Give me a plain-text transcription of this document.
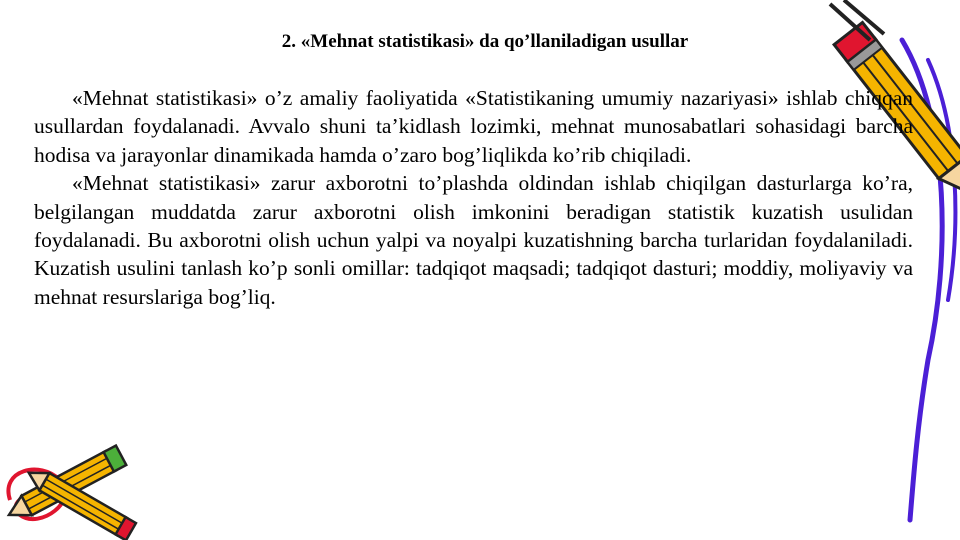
2. «Mehnat statistikasi» da qo’llaniladigan usullar

«Mehnat statistikasi» o’z amaliy faoliyatida «Statistikaning umumiy nazariyasi» ishlab chiqqan usullardan foydalanadi. Avvalo shuni ta’kidlash lozimki, mehnat munosabatlari sohasidagi barcha hodisa va jarayonlar dinamikada hamda o’zaro bog’liqlikda ko’rib chiqiladi.

«Mehnat statistikasi» zarur axborotni to’plashda oldindan ishlab chiqilgan dasturlarga ko’ra, belgilangan muddatda zarur axborotni olish imkonini beradigan statistik kuzatish usulidan foydalanadi. Bu axborotni olish uchun yalpi va noyalpi kuzatishning barcha turlaridan foydalaniladi. Kuzatish usulini tanlash ko’p sonli omillar: tadqiqot maqsadi; tadqiqot dasturi; moddiy, moliyaviy va mehnat resurslariga bog’liq.
